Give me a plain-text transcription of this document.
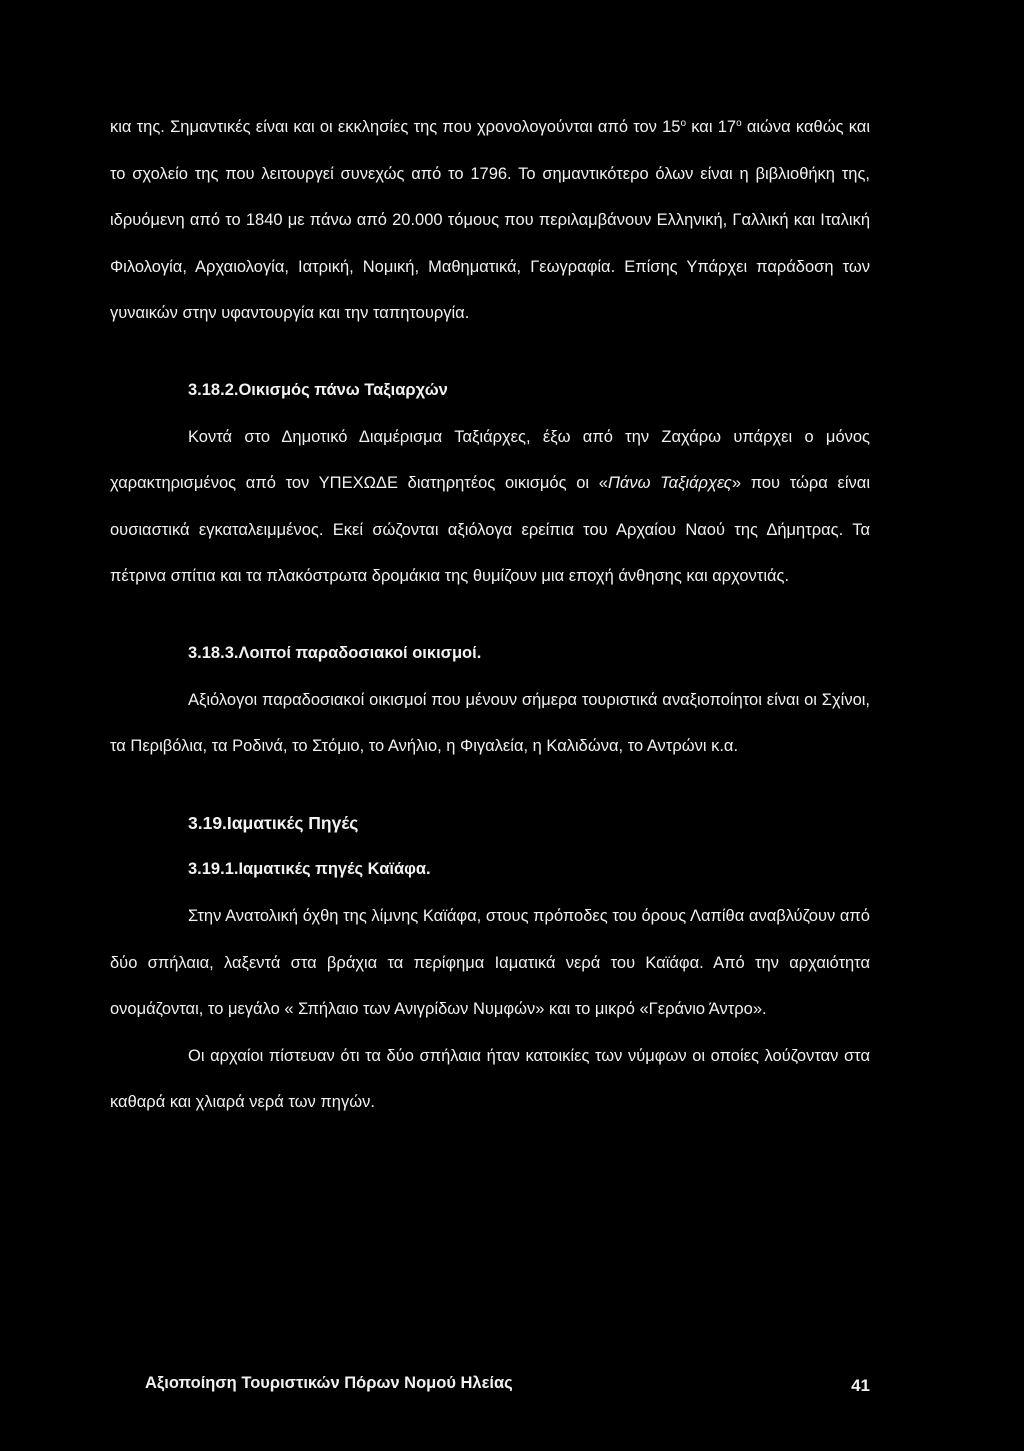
κια της. Σημαντικές είναι και οι εκκλησίες της που χρονολογούνται από τον $15^o$ και $17^o$ αιώνα καθώς και το σχολείο της που λειτουργεί συνεχώς από το 1796. Το σημαντικότερο όλων είναι η βιβλιοθήκη της, ιδρυόμενη από το 1840 με πάνω από 20.000 τόμους που περιλαμβάνουν Ελληνική, Γαλλική και Ιταλική Φιλολογία, Αρχαιολογία, Ιατρική, Νομική, Μαθηματικά, Γεωγραφία. Επίσης Υπάρχει παράδοση των γυναικών στην υφαντουργία και την ταπητουργία.

3.18.2.Οικισμός πάνω Ταξιαρχών

Κοντά στο Δημοτικό Διαμέρισμα Ταξιάρχες, έξω από την Ζαχάρω υπάρχει ο μόνος χαρακτηρισμένος από τον ΥΠΕΧΩΔΕ διατηρητέος οικισμός οι «Πάνω Ταξιάρχες» που τώρα είναι ουσιαστικά εγκαταλειμμένος. Εκεί σώζονται αξιόλογα ερείπια του Αρχαίου Ναού της Δήμητρας. Τα πέτρινα σπίτια και τα πλακόστρωτα δρομάκια της θυμίζουν μια εποχή άνθησης και αρχοντιάς.

3.18.3.Λοιποί παραδοσιακοί οικισμοί.

Αξιόλογοι παραδοσιακοί οικισμοί που μένουν σήμερα τουριστικά αναξιοποίητοι είναι οι Σχίνοι, τα Περιβόλια, τα Ροδινά, το Στόμιο, το Ανήλιο, η Φιγαλεία, η Καλιδώνα, το Αντρώνι κ.α.

3.19.Ιαματικές Πηγές

3.19.1.Ιαματικές πηγές Καϊάφα.

Στην Ανατολική όχθη της λίμνης Καϊάφα, στους πρόποδες του όρους Λαπίθα αναβλύζουν από δύο σπήλαια, λαξεντά στα βράχια τα περίφημα Ιαματικά νερά του Καϊάφα. Από την αρχαιότητα ονομάζονται, το μεγάλο « Σπήλαιο των Ανιγρίδων Νυμφών» και το μικρό «Γεράνιο Άντρο».

Οι αρχαίοι πίστευαν ότι τα δύο σπήλαια ήταν κατοικίες των νύμφων οι οποίες λούζονταν στα καθαρά και χλιαρά νερά των πηγών.

Αξιοποίηση Τουριστικών Πόρων Νομού Ηλείας	41
